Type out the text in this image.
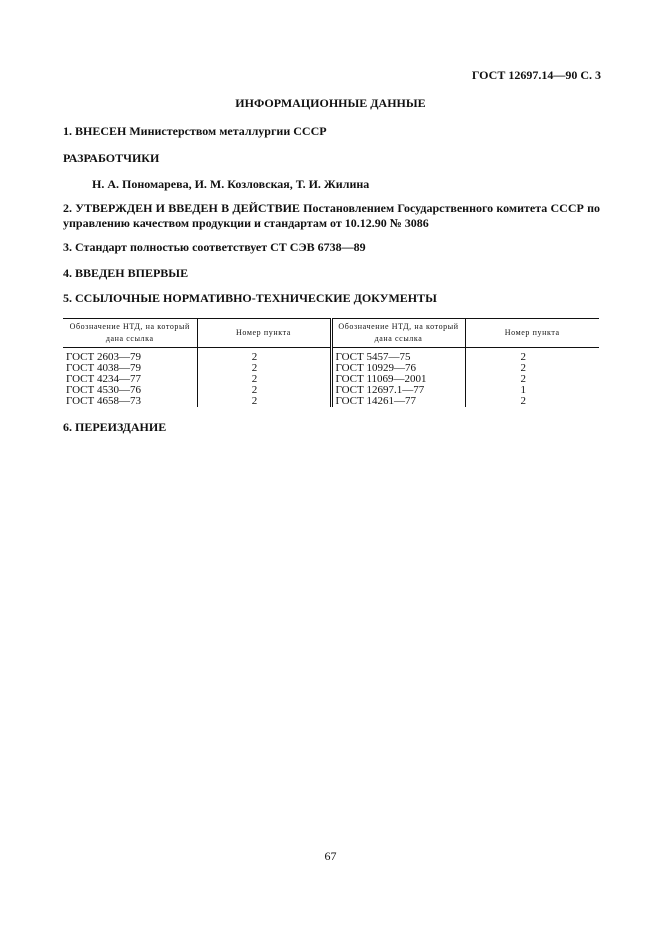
ГОСТ 12697.14—90 С. 3
ИНФОРМАЦИОННЫЕ ДАННЫЕ
1. ВНЕСЕН Министерством металлургии СССР
РАЗРАБОТЧИКИ
Н. А. Пономарева, И. М. Козловская, Т. И. Жилина
2. УТВЕРЖДЕН И ВВЕДЕН В ДЕЙСТВИЕ Постановлением Государственного комитета СССР по управлению качеством продукции и стандартам от 10.12.90 № 3086
3. Стандарт полностью соответствует СТ СЭВ 6738—89
4. ВВЕДЕН ВПЕРВЫЕ
5. ССЫЛОЧНЫЕ НОРМАТИВНО-ТЕХНИЧЕСКИЕ ДОКУМЕНТЫ
Обозначение НТД, на который дана ссылка	Номер пункта	Обозначение НТД, на который дана ссылка	Номер пункта
ГОСТ 2603—79	2	ГОСТ 5457—75	2
ГОСТ 4038—79	2	ГОСТ 10929—76	2
ГОСТ 4234—77	2	ГОСТ 11069—2001	2
ГОСТ 4530—76	2	ГОСТ 12697.1—77	1
ГОСТ 4658—73	2	ГОСТ 14261—77	2
6. ПЕРЕИЗДАНИЕ
67
